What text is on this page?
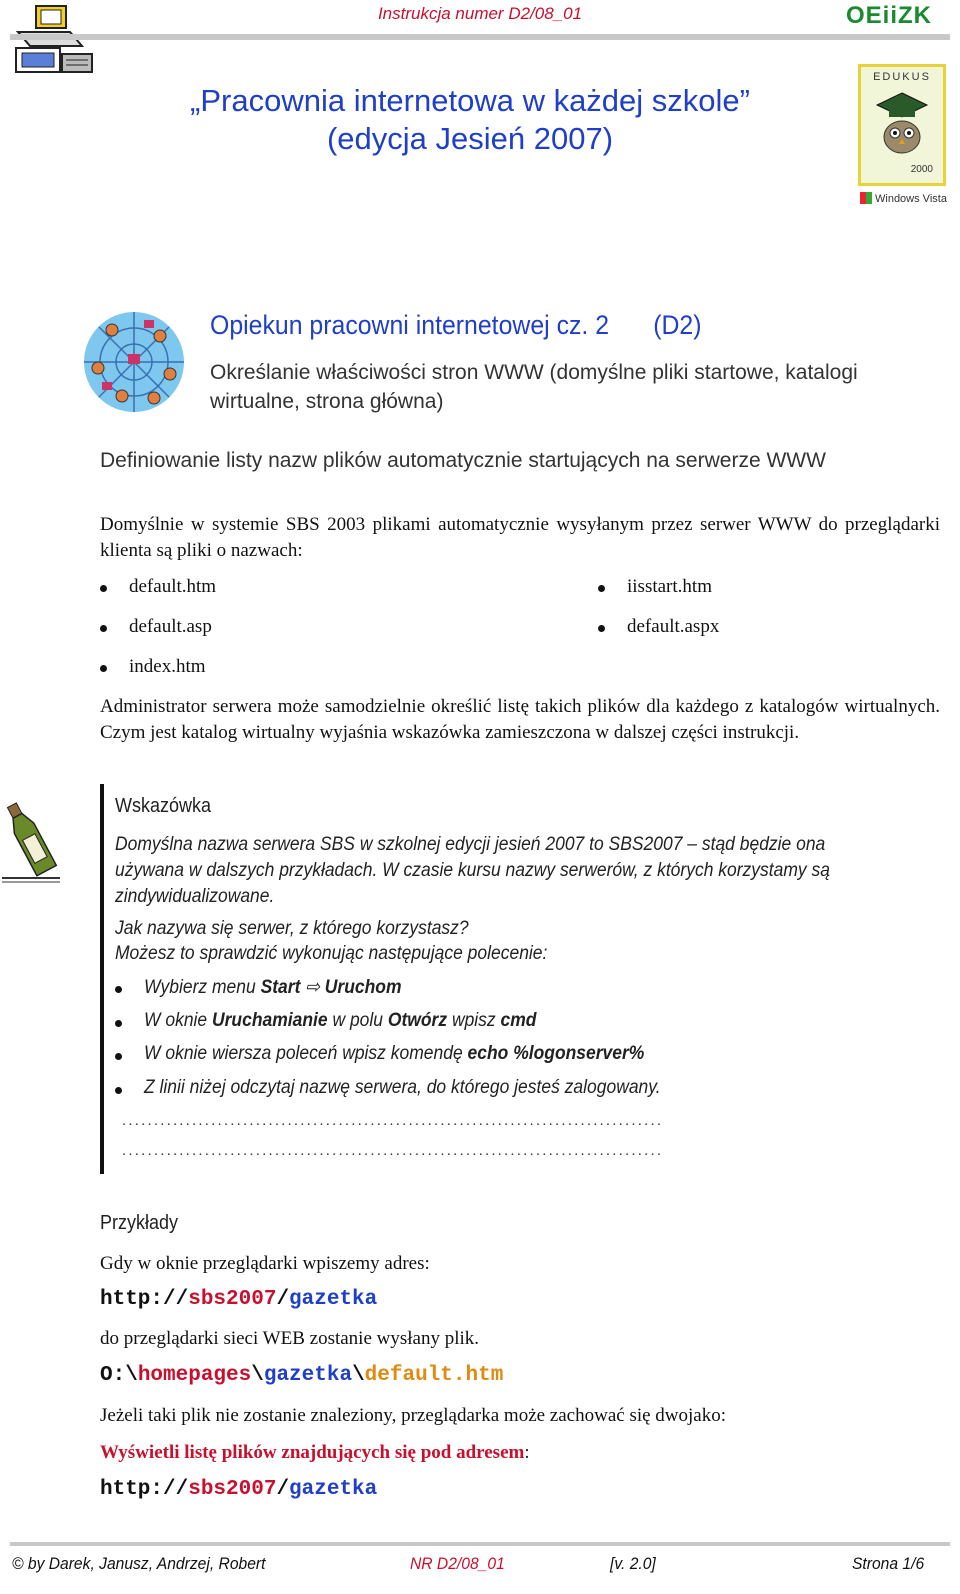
Instrukcja numer D2/08_01	OEiiZK
EDUKUS
2000
Windows Vista
„Pracownia internetowa w każdej szkole”
(edycja Jesień 2007)
Opiekun pracowni internetowej cz. 2 (D2)
Określanie właściwości stron WWW (domyślne pliki startowe, katalogi wirtualne, strona główna)
Definiowanie listy nazw plików automatycznie startujących na serwerze WWW
Domyślnie w systemie SBS 2003 plikami automatycznie wysyłanym przez serwer WWW do przeglądarki klienta są pliki o nazwach:
default.htm
default.asp
index.htm
iisstart.htm
default.aspx
Administrator serwera może samodzielnie określić listę takich plików dla każdego z katalogów wirtualnych. Czym jest katalog wirtualny wyjaśnia wskazówka zamieszczona w dalszej części instrukcji.
Wskazówka
Domyślna nazwa serwera SBS w szkolnej edycji jesień 2007 to SBS2007 – stąd będzie ona używana w dalszych przykładach. W czasie kursu nazwy serwerów, z których korzystamy są zindywidualizowane.
Jak nazywa się serwer, z którego korzystasz?
Możesz to sprawdzić wykonując następujące polecenie:
Wybierz menu Start ⇨ Uruchom
W oknie Uruchamianie w polu Otwórz wpisz cmd
W oknie wiersza poleceń wpisz komendę echo %logonserver%
Z linii niżej odczytaj nazwę serwera, do którego jesteś zalogowany.
.....................................................................................
.....................................................................................
Przykłady
Gdy w oknie przeglądarki wpiszemy adres:
http://sbs2007/gazetka
do przeglądarki sieci WEB zostanie wysłany plik.
O:\homepages\gazetka\default.htm
Jeżeli taki plik nie zostanie znaleziony, przeglądarka może zachować się dwojako:
Wyświetli listę plików znajdujących się pod adresem:
http://sbs2007/gazetka
© by Darek, Janusz, Andrzej, Robert	NR D2/08_01	[v. 2.0]	Strona 1/6
